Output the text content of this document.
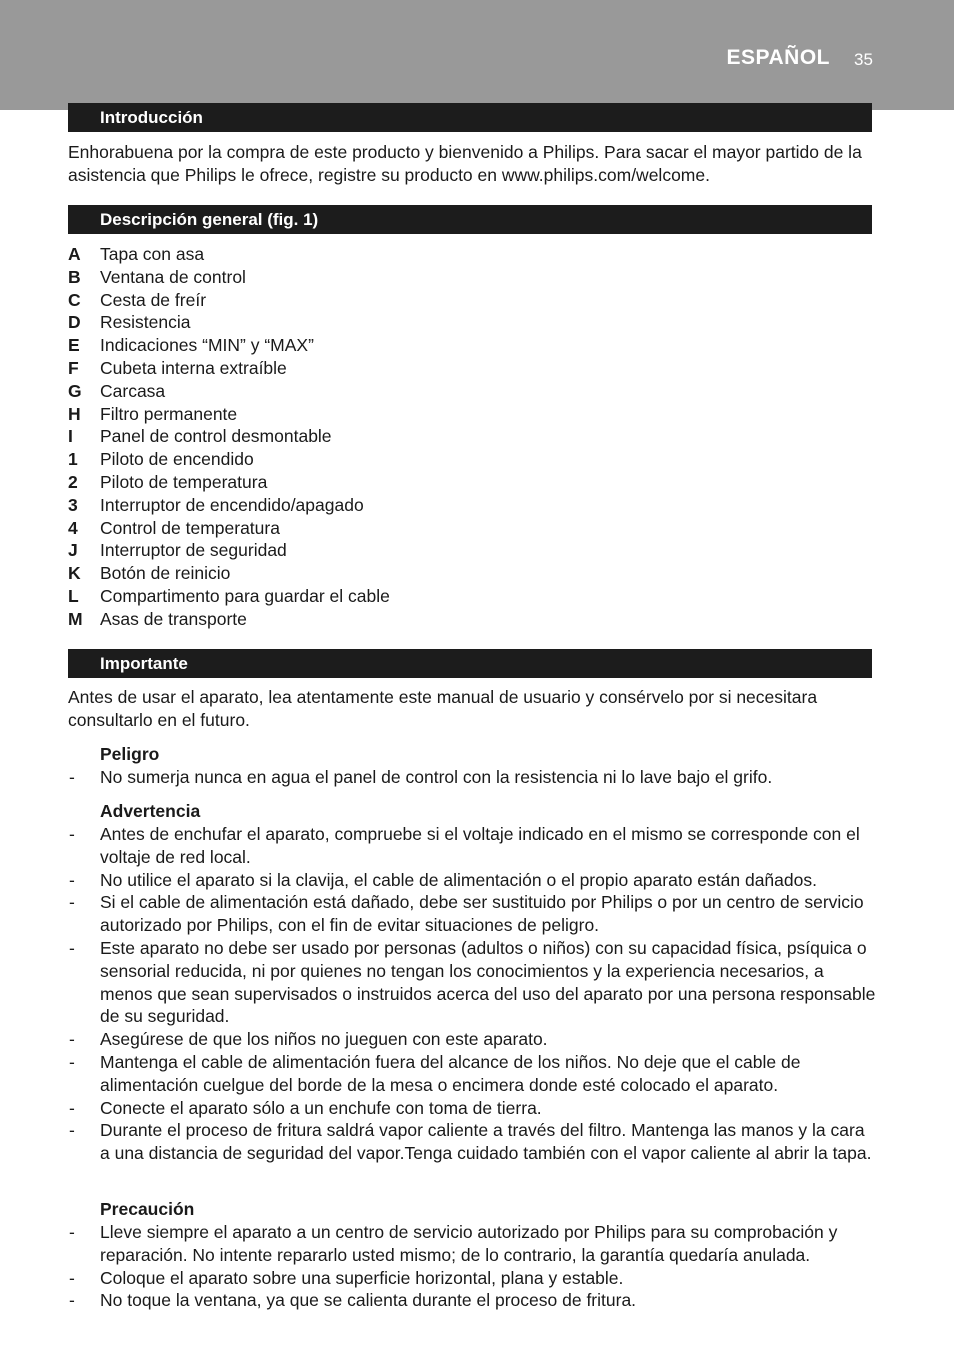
ESPAÑOL 35
Introducción

Enhorabuena por la compra de este producto y bienvenido a Philips. Para sacar el mayor partido de la asistencia que Philips le ofrece, registre su producto en www.philips.com/welcome.

Descripción general (fig. 1)
A	Tapa con asa
B	Ventana de control
C	Cesta de freír
D	Resistencia
E	Indicaciones “MIN” y “MAX”
F	Cubeta interna extraíble
G	Carcasa
H	Filtro permanente
I	Panel de control desmontable
1	Piloto de encendido
2	Piloto de temperatura
3	Interruptor de encendido/apagado
4	Control de temperatura
J	Interruptor de seguridad
K	Botón de reinicio
L	Compartimento para guardar el cable
M Asas de transporte
Importante

Antes de usar el aparato, lea atentamente este manual de usuario y consérvelo por si necesitara consultarlo en el futuro.

Peligro
-	No sumerja nunca en agua el panel de control con la resistencia ni lo lave bajo el grifo.
Advertencia
-	Antes de enchufar el aparato, compruebe si el voltaje indicado en el mismo se corresponde con el voltaje de red local.
-	No utilice el aparato si la clavija, el cable de alimentación o el propio aparato están dañados.
-	Si el cable de alimentación está dañado, debe ser sustituido por Philips o por un centro de servicio autorizado por Philips, con el fin de evitar situaciones de peligro.
-	Este aparato no debe ser usado por personas (adultos o niños) con su capacidad física, psíquica o sensorial reducida, ni por quienes no tengan los conocimientos y la experiencia necesarios, a menos que sean supervisados o instruidos acerca del uso del aparato por una persona responsable de su seguridad.
-	Asegúrese de que los niños no jueguen con este aparato.
-	Mantenga el cable de alimentación fuera del alcance de los niños. No deje que el cable de alimentación cuelgue del borde de la mesa o encimera donde esté colocado el aparato.
-	Conecte el aparato sólo a un enchufe con toma de tierra.
-	Durante el proceso de fritura saldrá vapor caliente a través del filtro. Mantenga las manos y la cara a una distancia de seguridad del vapor.Tenga cuidado también con el vapor caliente al abrir la tapa.
Precaución
-	Lleve siempre el aparato a un centro de servicio autorizado por Philips para su comprobación y reparación. No intente repararlo usted mismo; de lo contrario, la garantía quedaría anulada.
-	Coloque el aparato sobre una superficie horizontal, plana y estable.
-	No toque la ventana, ya que se calienta durante el proceso de fritura.
